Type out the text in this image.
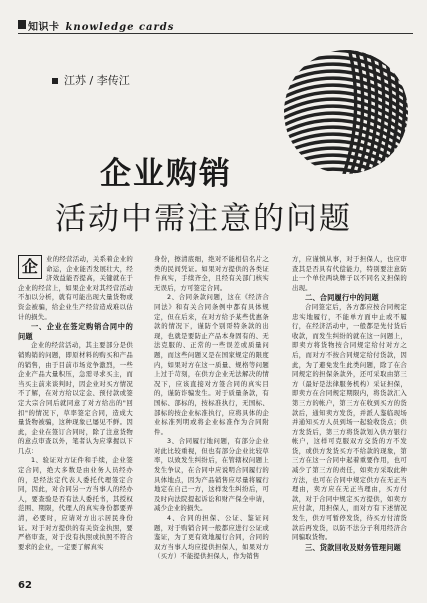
知识卡 knowledge cards
江苏 / 李传江
企业购销
活动中需注意的问题
企	业的经营活动，关系着企业的命运，企业能否发展壮大，经济效益能否提高，关键就在于企业的经营上，如果企业对其经营活动不加以分析，就有可能出现大量货物或资金被骗，给企业生产经营造成难以估计的损失。

一、企业在签定购销合同中的问题

企业的经营活动，其主要部分是供销购销的问题，即原材料的购买和产品的销售，由于目前市场竞争激烈，一些企业产品大量积压，急需寻求买主，而当买主前来谈判时，因企业对买方情况不了解，在对方给以定金、预付款或签定大宗合同后就同意了对方给出的"回扣"的情况下，草率签定合同，造成大量货物被骗，这种现象已屡见不鲜。因此，企业在签订合同时，除了注意货物的意点审查以外，笔者认为应掌握以下几点：

1、验证对方证件和手续，企业签定合同，绝大多数是由业务人员经办的，是经法定代表人委托代理签定合同，因此，对合同另一方当事人的经办人，要查验是否有法人委托书，其授权范围、期限，代理人的真实身份都要弄清，必要时，应请对方出示居民身份证。对于对方提供的有关资金执照，要严格审查，对于没有执照或执照不符合要求的企业，一定要了解真实

身份，擦清底细，绝对不能相信名片之类的民间凭证。如果对方提供的各类证件真实，手续齐全，且经有关部门核实无误后，方可签定合同。

2、合同条款问题，这在《经济合同法》和有关合同条例中都有具体规定，但在后来，在对方给予某些优惠条款的情况下，谨防个别哥特条款的出现，也就是要防止产品本身固有的、无法克服的、正常的一些误差或质量问题，而这些问题又是在国家规定的限度内，如果对方在这一质量、规格等问题上过于苛刻，在供方企业无法解决的情况下，应该直接对方签合同的真实目的，谨防诈骗发生。对于质量条款，有国标、部标的，按标准执行，无国标、部标的按企业标准执行，应将具体的企业标准列明或将企业标准作为合同附件。

3、合同履行地问题，有部分企业对此比较重视，但也有部分企业比较草率，以致发生纠纷后，在管辖权问题上发生争议，在合同中应说明合同履行的具体地点，因为产品销售应尽量将履行地定在自己一方，这样发生纠纷后，可及时向法院提起诉讼和财产保全申请，减少企业的损失。

4、合同的担保、公证、鉴证问题，对于购销合同一般都应进行公证或鉴证，为了更有效地履行合同，合同的双方当事人均应提供担保人，如果对方（买方）不能提供担保人，作为销售

方，应谨慎从事，对于担保人，也应审查其是否具有代偿能力，特别要注意防止一个单位两块牌子以不同名义担保的出现。

二、合同履行中的问题

合同签定后，各方都应按合同规定忠实地履行，不能单方面中止或不履行，在经济活动中，一般都是先付货后收款，而发生纠纷的就在这一问题上，即卖方将货物按合同规定给付对方之后，而对方不按合同规定给付货款，因此，为了避免发生此类问题，除了在合同规定的担保条款外，还可采取由第三方（最好是法律服务机构）采证担保，即卖方在合同规定期限内，将货款汇入第三方的帐户，第三方在收到买方的货款后，通知卖方发货，并派人鉴临现场并通知买方人员到场一起验收货点；供方发货后，第三方将货款划入供方银行帐户，这样可克服双方交货的方不发货，或供方发货买方不给款的现象，第三方在这一合同中起着重要作用，也可减少了第三方的责任，如卖方采取此种方法，也可在合同中规定供方在无正当理由，卖方应在无正当理由，买方付款，对于合同中规定买方提供，如卖方应付款，用担保人，而对方有下述情况发生，供方可暂停发货，待买方付清货款后再发货，以防不法分子利用经济合同骗取货物。

三、货款回收及财务管理问题

62
